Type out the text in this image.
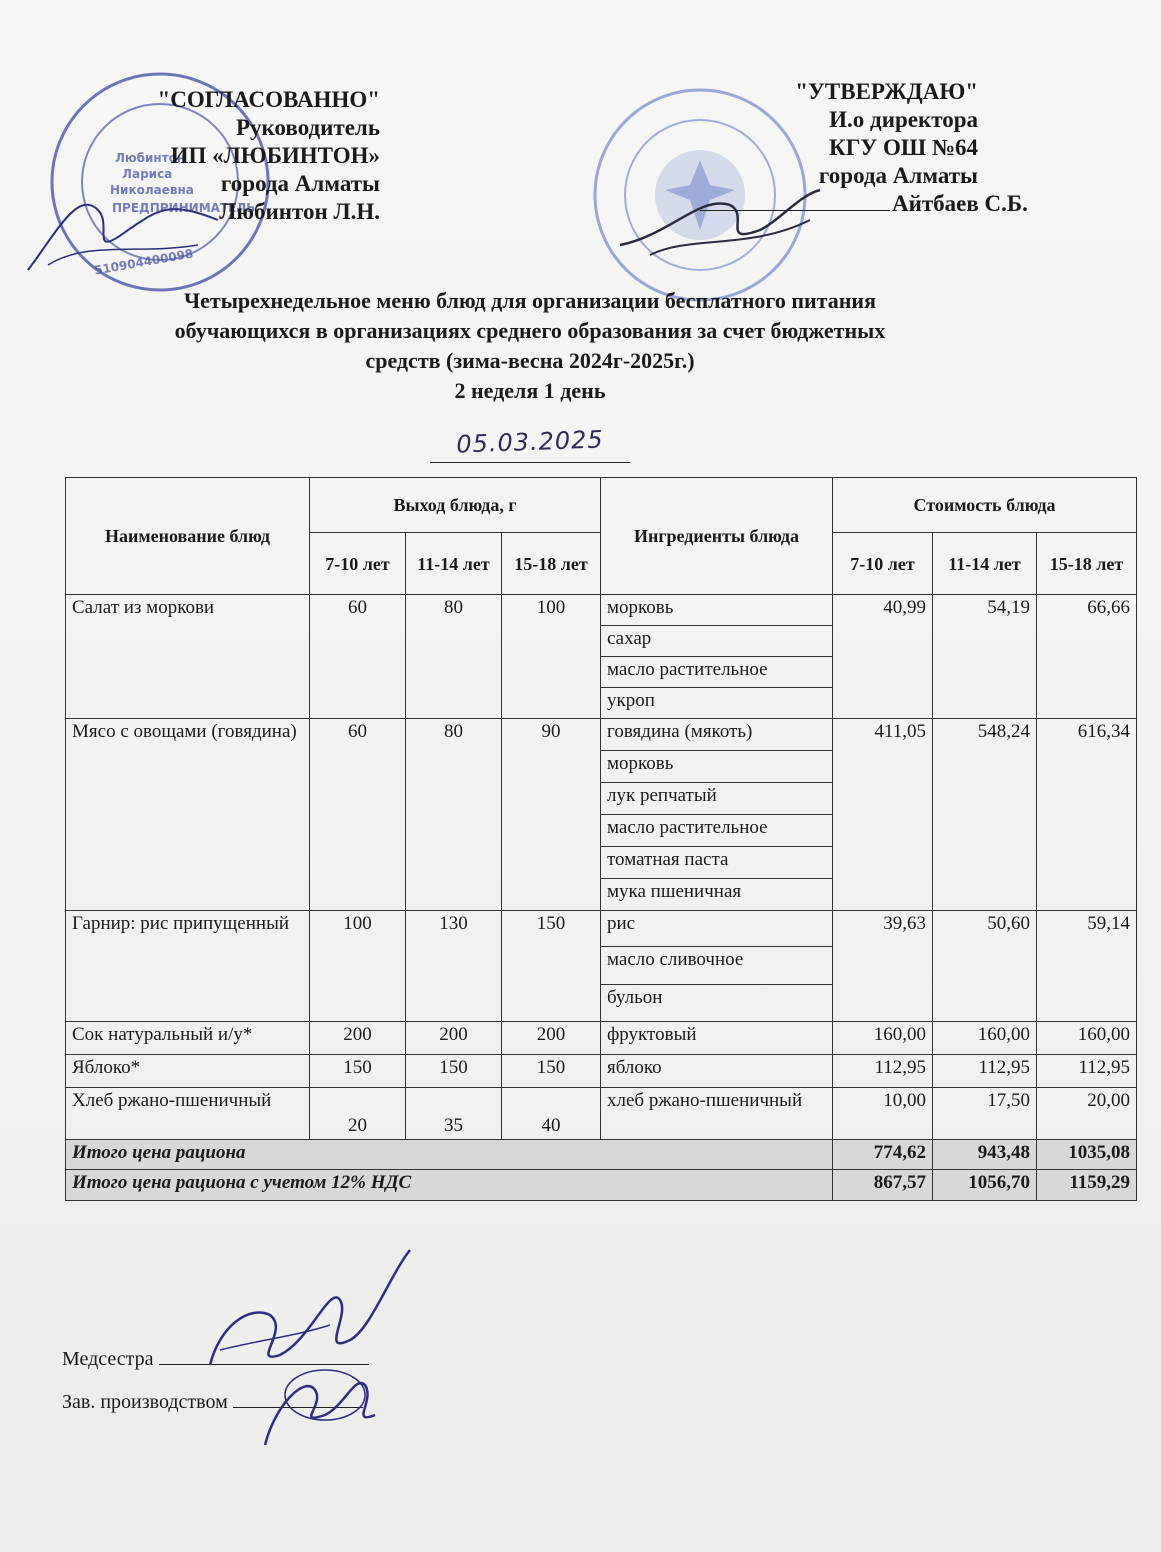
Любинтон
Лариса
Николаевна
ПРЕДПРИНИМАТЕЛЬ
510904400098
"СОГЛАСОВАННО"
Руководитель
ИП «ЛЮБИНТОН»
города Алматы
Любинтон Л.Н.
"УТВЕРЖДАЮ"
И.о директора
КГУ ОШ №64
города Алматы
Айтбаев С.Б.
Четырехнедельное меню блюд для организации бесплатного питания
обучающихся в организациях среднего образования за счет бюджетных
средств (зима-весна 2024г-2025г.)
2 неделя 1 день
05.03.2025
Наименование блюд	Выход блюда, г			Ингредиенты блюда	Стоимость блюда		
	7-10 лет	11-14 лет	15-18 лет		7-10 лет	11-14 лет	15-18 лет
Салат из моркови	60	80	100	морковь	40,99	54,19	66,66
				сахар			
				масло растительное			
				укроп			
Мясо с овощами (говядина)	60	80	90	говядина (мякоть)	411,05	548,24	616,34
				морковь			
				лук репчатый			
				масло растительное			
				томатная паста			
				мука пшеничная			
Гарнир: рис припущенный	100	130	150	рис	39,63	50,60	59,14
				масло сливочное			
				бульон			
Сок натуральный и/у*	200	200	200	фруктовый	160,00	160,00	160,00
Яблоко*	150	150	150	яблоко	112,95	112,95	112,95
Хлеб ржано-пшеничный	20	35	40	хлеб ржано-пшеничный	10,00	17,50	20,00
Итого цена рациона					774,62	943,48	1035,08
Итого цена рациона с учетом 12% НДС					867,57	1056,70	1159,29
Медсестра
Зав. производством
